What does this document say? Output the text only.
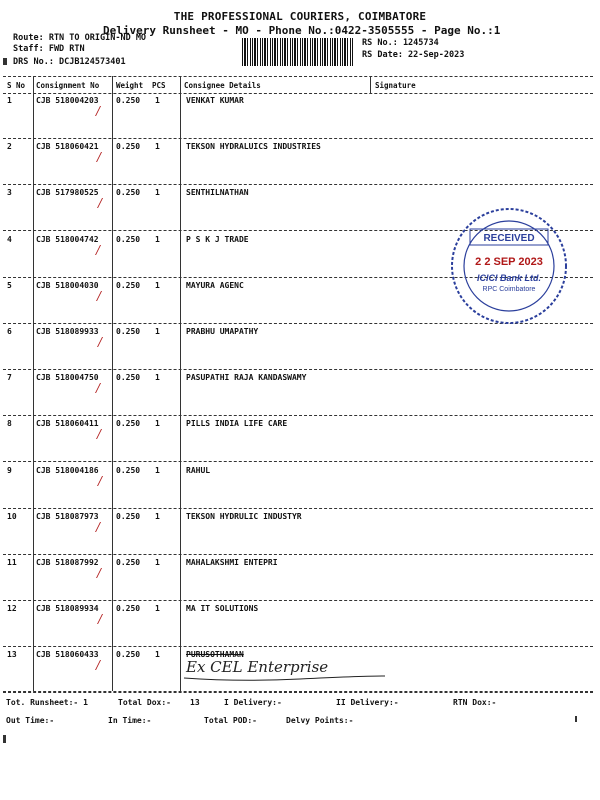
THE PROFESSIONAL COURIERS, COIMBATORE
Delivery Runsheet - MO - Phone No.:0422-3505555 - Page No.:1
Route: RTN TO ORIGIN-ND MO
Staff: FWD RTN
DRS No.: DCJB124573401
RS No.: 1245734
RS Date: 22-Sep-2023
S No Consignment No Weight PCS Consignee Details	Signature
1	CJB 518004203 0.250 1	VENKAT KUMAR
/
2	CJB 518060421 0.250 1	TEKSON HYDRALUICS INDUSTRIES
/
3	CJB 517980525 0.250 1	SENTHILNATHAN
/
4	CJB 518004742 0.250 1	P S K J TRADE
/
5	CJB 518004030 0.250 1	MAYURA AGENC
/
6	CJB 518089933 0.250 1	PRABHU UMAPATHY
/
7	CJB 518004750 0.250 1	PASUPATHI RAJA KANDASWAMY
/
8	CJB 518060411 0.250 1	PILLS INDIA LIFE CARE
/
9	CJB 518004186 0.250 1	RAHUL
/
10 CJB 518087973 0.250 1	TEKSON HYDRULIC INDUSTYR
/
11 CJB 518087992 0.250 1	MAHALAKSHMI ENTEPRI
/
12 CJB 518089934 0.250 1	MA IT SOLUTIONS
/
13 CJB 518060433 0.250 1	PURUSOTHAMAN
/	Ex CEL Enterprise
RECEIVED
2 2 SEP 2023
ICICI Bank Ltd.
RPC Coimbatore
Tot. Runsheet:- 1	Total Dox:- 13	I Delivery:-	II Delivery:-	RTN Dox:-
Out Time:-	In Time:-	Total POD:-	Delvy Points:-
